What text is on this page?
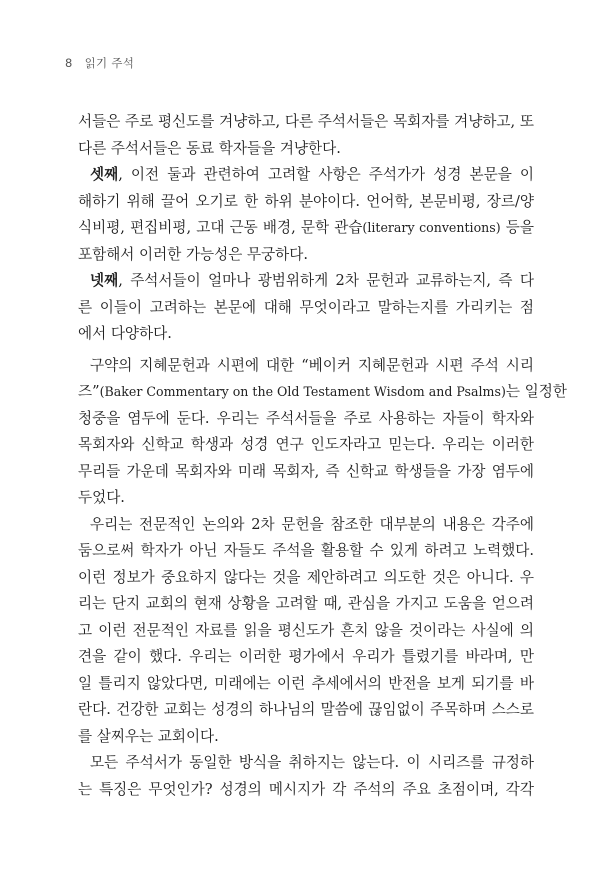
8 읽기 주석
서들은 주로 평신도를 겨냥하고, 다른 주석서들은 목회자를 겨냥하고, 또
다른 주석서들은 동료 학자들을 겨냥한다.
셋째, 이전 둘과 관련하여 고려할 사항은 주석가가 성경 본문을 이
해하기 위해 끌어 오기로 한 하위 분야이다. 언어학, 본문비평, 장르/양
식비평, 편집비평, 고대 근동 배경, 문학 관습(literary conventions) 등을
포함해서 이러한 가능성은 무궁하다.
넷째, 주석서들이 얼마나 광범위하게 2차 문헌과 교류하는지, 즉 다
른 이들이 고려하는 본문에 대해 무엇이라고 말하는지를 가리키는 점
에서 다양하다.
구약의 지혜문헌과 시편에 대한 “베이커 지혜문헌과 시편 주석 시리
즈”(Baker Commentary on the Old Testament Wisdom and Psalms)는 일정한
청중을 염두에 둔다. 우리는 주석서들을 주로 사용하는 자들이 학자와
목회자와 신학교 학생과 성경 연구 인도자라고 믿는다. 우리는 이러한
무리들 가운데 목회자와 미래 목회자, 즉 신학교 학생들을 가장 염두에
두었다.
우리는 전문적인 논의와 2차 문헌을 참조한 대부분의 내용은 각주에
둠으로써 학자가 아닌 자들도 주석을 활용할 수 있게 하려고 노력했다.
이런 정보가 중요하지 않다는 것을 제안하려고 의도한 것은 아니다. 우
리는 단지 교회의 현재 상황을 고려할 때, 관심을 가지고 도움을 얻으려
고 이런 전문적인 자료를 읽을 평신도가 흔치 않을 것이라는 사실에 의
견을 같이 했다. 우리는 이러한 평가에서 우리가 틀렸기를 바라며, 만
일 틀리지 않았다면, 미래에는 이런 추세에서의 반전을 보게 되기를 바
란다. 건강한 교회는 성경의 하나님의 말씀에 끊임없이 주목하며 스스로
를 살찌우는 교회이다.
모든 주석서가 동일한 방식을 취하지는 않는다. 이 시리즈를 규정하
는 특징은 무엇인가? 성경의 메시지가 각 주석의 주요 초점이며, 각각
